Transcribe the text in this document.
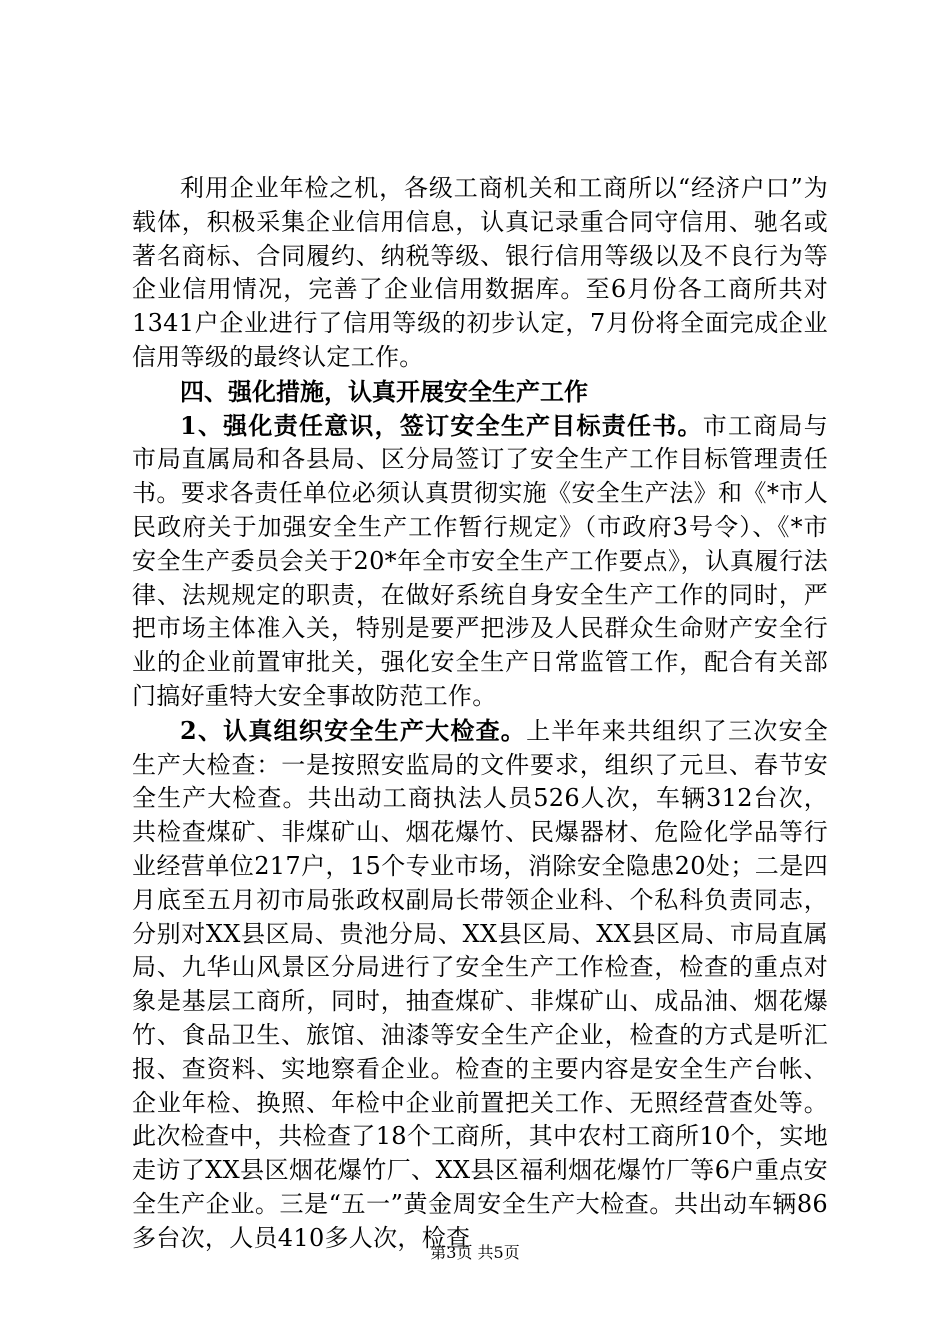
利用企业年检之机，各级工商机关和工商所以“经济户口”为载体，积极采集企业信用信息，认真记录重合同守信用、驰名或著名商标、合同履约、纳税等级、银行信用等级以及不良行为等企业信用情况，完善了企业信用数据库。至6月份各工商所共对1341户企业进行了信用等级的初步认定，7月份将全面完成企业信用等级的最终认定工作。

四、强化措施，认真开展安全生产工作

1、强化责任意识，签订安全生产目标责任书。市工商局与市局直属局和各县局、区分局签订了安全生产工作目标管理责任书。要求各责任单位必须认真贯彻实施《安全生产法》和《*市人民政府关于加强安全生产工作暂行规定》（市政府3号令）、《*市安全生产委员会关于20*年全市安全生产工作要点》，认真履行法律、法规规定的职责，在做好系统自身安全生产工作的同时，严把市场主体准入关，特别是要严把涉及人民群众生命财产安全行业的企业前置审批关，强化安全生产日常监管工作，配合有关部门搞好重特大安全事故防范工作。

2、认真组织安全生产大检查。上半年来共组织了三次安全生产大检查：一是按照安监局的文件要求，组织了元旦、春节安全生产大检查。共出动工商执法人员526人次，车辆312台次，共检查煤矿、非煤矿山、烟花爆竹、民爆器材、危险化学品等行业经营单位217户，15个专业市场，消除安全隐患20处；二是四月底至五月初市局张政权副局长带领企业科、个私科负责同志，分别对XX县区局、贵池分局、XX县区局、XX县区局、市局直属局、九华山风景区分局进行了安全生产工作检查，检查的重点对象是基层工商所，同时，抽查煤矿、非煤矿山、成品油、烟花爆竹、食品卫生、旅馆、油漆等安全生产企业，检查的方式是听汇报、查资料、实地察看企业。检查的主要内容是安全生产台帐、企业年检、换照、年检中企业前置把关工作、无照经营查处等。此次检查中，共检查了18个工商所，其中农村工商所10个，实地走访了XX县区烟花爆竹厂、XX县区福利烟花爆竹厂等6户重点安全生产企业。三是“五一”黄金周安全生产大检查。共出动车辆86多台次，人员410多人次，检查

第3页 共5页
